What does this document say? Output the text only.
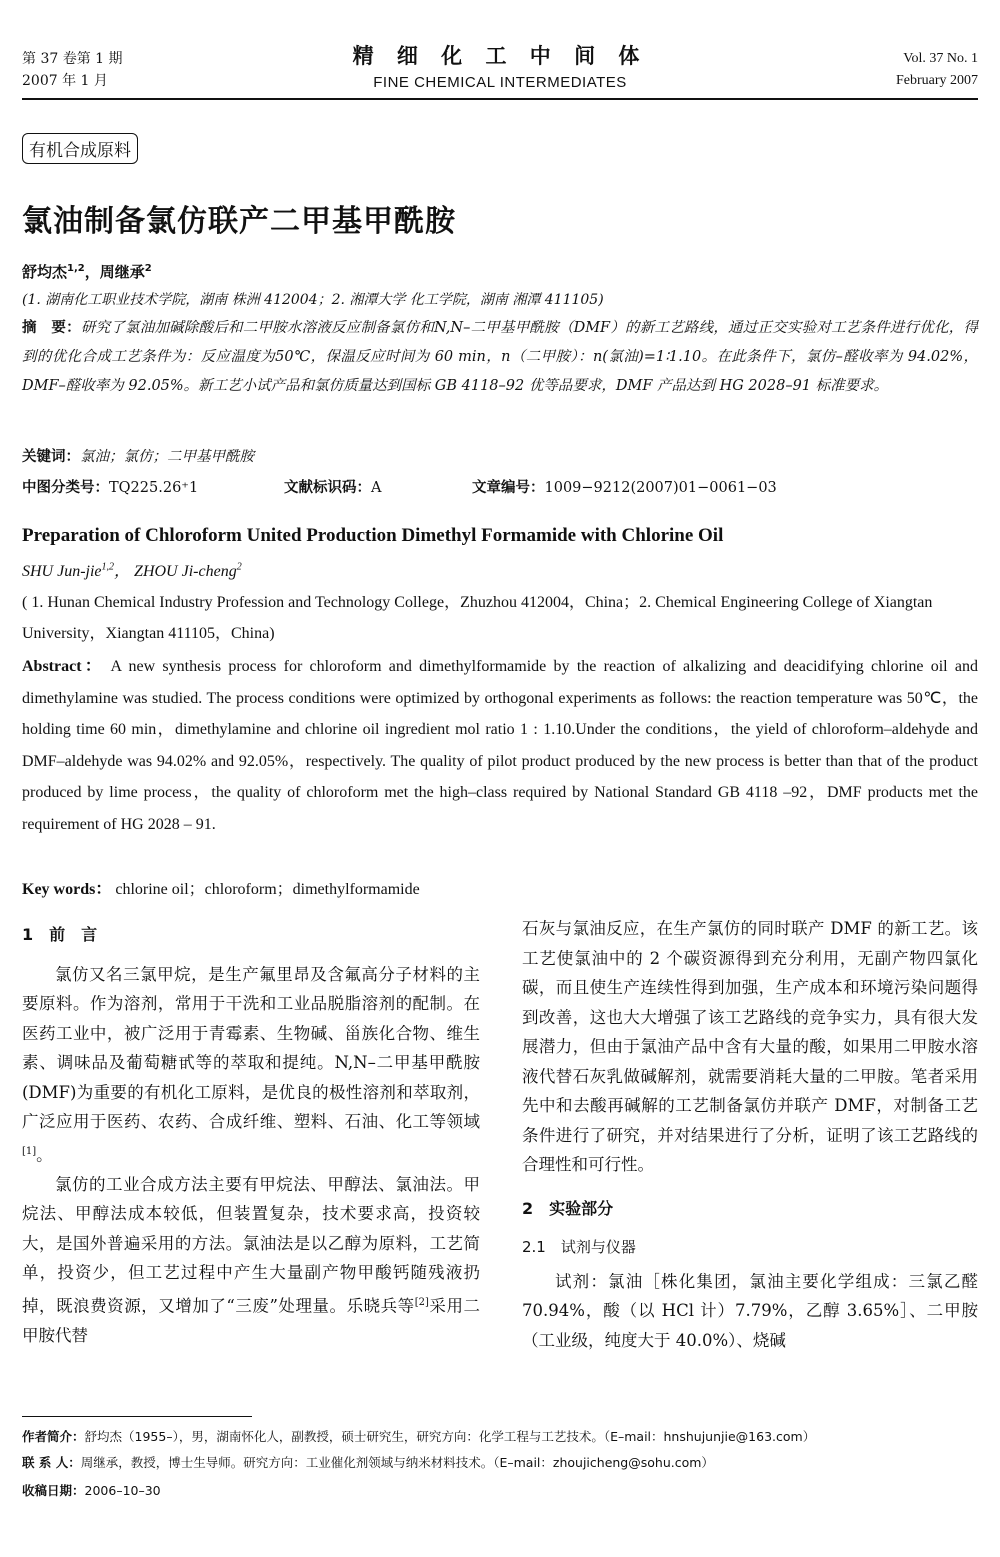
第 37 卷第 1 期
2007 年 1 月
精 细 化 工 中 间 体
FINE CHEMICAL INTERMEDIATES
Vol. 37 No. 1
February 2007
有机合成原料
氯油制备氯仿联产二甲基甲酰胺
舒均杰$^{1,2}$，周继承$^2$
(1. 湖南化工职业技术学院，湖南 株洲 412004；2. 湘潭大学 化工学院，湖南 湘潭 411105)
摘　要：研究了氯油加碱除酸后和二甲胺水溶液反应制备氯仿和N,N–二甲基甲酰胺（DMF）的新工艺路线，通过正交实验对工艺条件进行优化，得到的优化合成工艺条件为：反应温度为50℃，保温反应时间为 60 min，n（二甲胺）：n(氯油)=1∶1.10。在此条件下，氯仿–醛收率为 94.02%，DMF–醛收率为 92.05%。新工艺小试产品和氯仿质量达到国标 GB 4118–92 优等品要求，DMF 产品达到 HG 2028–91 标准要求。
关键词：氯油；氯仿；二甲基甲酰胺
中图分类号：TQ225.26⁺1	文献标识码：A	文章编号：1009−9212(2007)01−0061−03
Preparation of Chloroform United Production Dimethyl Formamide with Chlorine Oil
SHU Jun-jie$^{1,2}$， ZHOU Ji-cheng$^2$
( 1. Hunan Chemical Industry Profession and Technology College，Zhuzhou 412004，China；2. Chemical Engineering College of Xiangtan University，Xiangtan 411105，China)
Abstract： A new synthesis process for chloroform and dimethylformamide by the reaction of alkalizing and deacidifying chlorine oil and dimethylamine was studied. The process conditions were optimized by orthogonal experiments as follows: the reaction temperature was 50℃，the holding time 60 min，dimethylamine and chlorine oil ingredient mol ratio 1 : 1.10.Under the conditions，the yield of chloroform–aldehyde and DMF–aldehyde was 94.02% and 92.05%，respectively. The quality of pilot product produced by the new process is better than that of the product produced by lime process，the quality of chloroform met the high–class required by National Standard GB 4118 –92，DMF products met the requirement of HG 2028 – 91.
Key words： chlorine oil；chloroform；dimethylformamide

1　前　言

氯仿又名三氯甲烷，是生产氟里昂及含氟高分子材料的主要原料。作为溶剂，常用于干洗和工业品脱脂溶剂的配制。在医药工业中，被广泛用于青霉素、生物碱、甾族化合物、维生素、调味品及葡萄糖甙等的萃取和提纯。N,N–二甲基甲酰胺(DMF)为重要的有机化工原料，是优良的极性溶剂和萃取剂，广泛应用于医药、农药、合成纤维、塑料、石油、化工等领域[1]。

氯仿的工业合成方法主要有甲烷法、甲醇法、氯油法。甲烷法、甲醇法成本较低，但装置复杂，技术要求高，投资较大，是国外普遍采用的方法。氯油法是以乙醇为原料，工艺简单，投资少，但工艺过程中产生大量副产物甲酸钙随残液扔掉，既浪费资源，又增加了“三废”处理量。乐晓兵等[2]采用二甲胺代替

石灰与氯油反应，在生产氯仿的同时联产 DMF 的新工艺。该工艺使氯油中的 2 个碳资源得到充分利用，无副产物四氯化碳，而且使生产连续性得到加强，生产成本和环境污染问题得到改善，这也大大增强了该工艺路线的竞争实力，具有很大发展潜力，但由于氯油产品中含有大量的酸，如果用二甲胺水溶液代替石灰乳做碱解剂，就需要消耗大量的二甲胺。笔者采用先中和去酸再碱解的工艺制备氯仿并联产 DMF，对制备工艺条件进行了研究，并对结果进行了分析，证明了该工艺路线的合理性和可行性。

2　实验部分

2.1　试剂与仪器

试剂：氯油［株化集团，氯油主要化学组成：三氯乙醛 70.94%，酸（以 HCl 计）7.79%，乙醇 3.65%］、二甲胺（工业级，纯度大于 40.0%）、烧碱

作者简介：舒均杰（1955–），男，湖南怀化人，副教授，硕士研究生，研究方向：化学工程与工艺技术。（E–mail：hnshujunjie@163.com）
联 系 人：周继承，教授，博士生导师。研究方向：工业催化剂领域与纳米材料技术。（E–mail：zhoujicheng@sohu.com）
收稿日期：2006–10–30
